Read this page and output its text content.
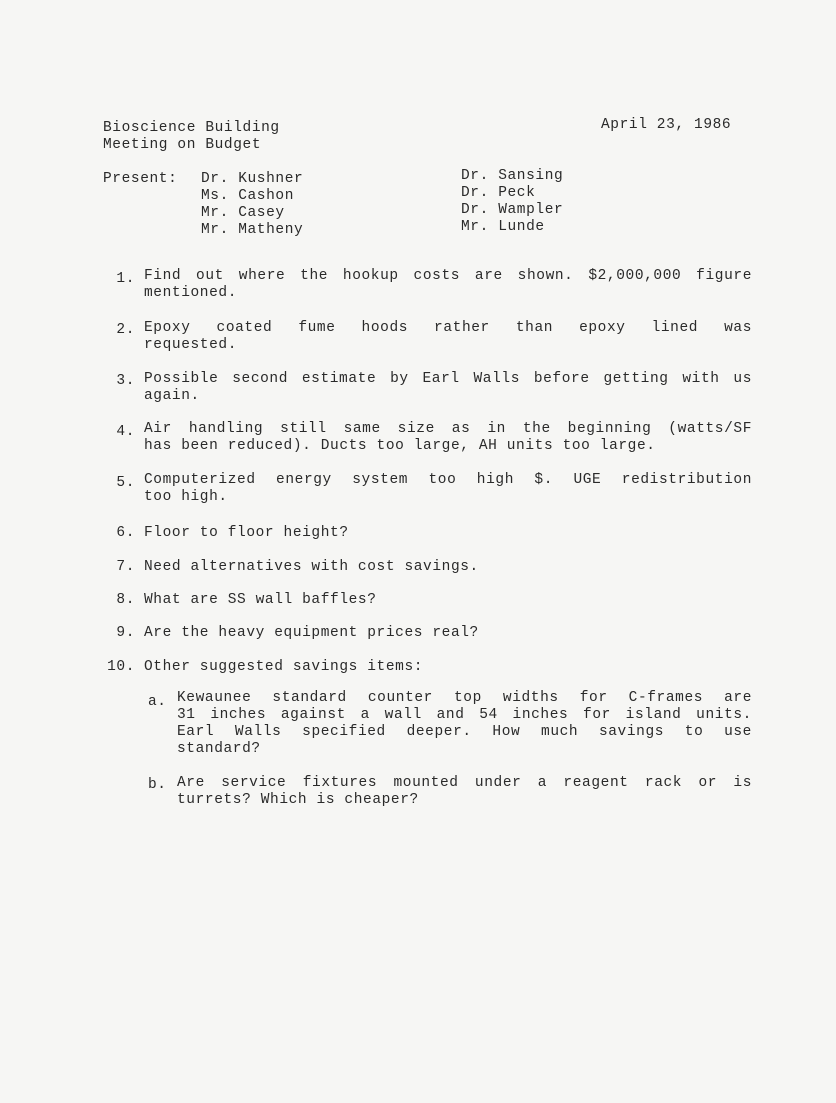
Bioscience Building
Meeting on Budget
April 23, 1986
Present: Dr. Kushner
Ms. Cashon
Mr. Casey
Mr. Matheny
Dr. Sansing
Dr. Peck
Dr. Wampler
Mr. Lunde
1. Find out where the hookup costs are shown. $2,000,000 figure
mentioned.
2. Epoxy coated fume hoods rather than epoxy lined was
requested.
3. Possible second estimate by Earl Walls before getting with us
again.
4. Air handling still same size as in the beginning (watts/SF
has been reduced). Ducts too large, AH units too large.
5. Computerized energy system too high $. UGE redistribution
too high.
6. Floor to floor height?
7. Need alternatives with cost savings.
8. What are SS wall baffles?
9. Are the heavy equipment prices real?
10. Other suggested savings items:
a. Kewaunee standard counter top widths for C-frames are
31 inches against a wall and 54 inches for island units.
Earl Walls specified deeper. How much savings to use
standard?
b. Are service fixtures mounted under a reagent rack or is
turrets? Which is cheaper?
